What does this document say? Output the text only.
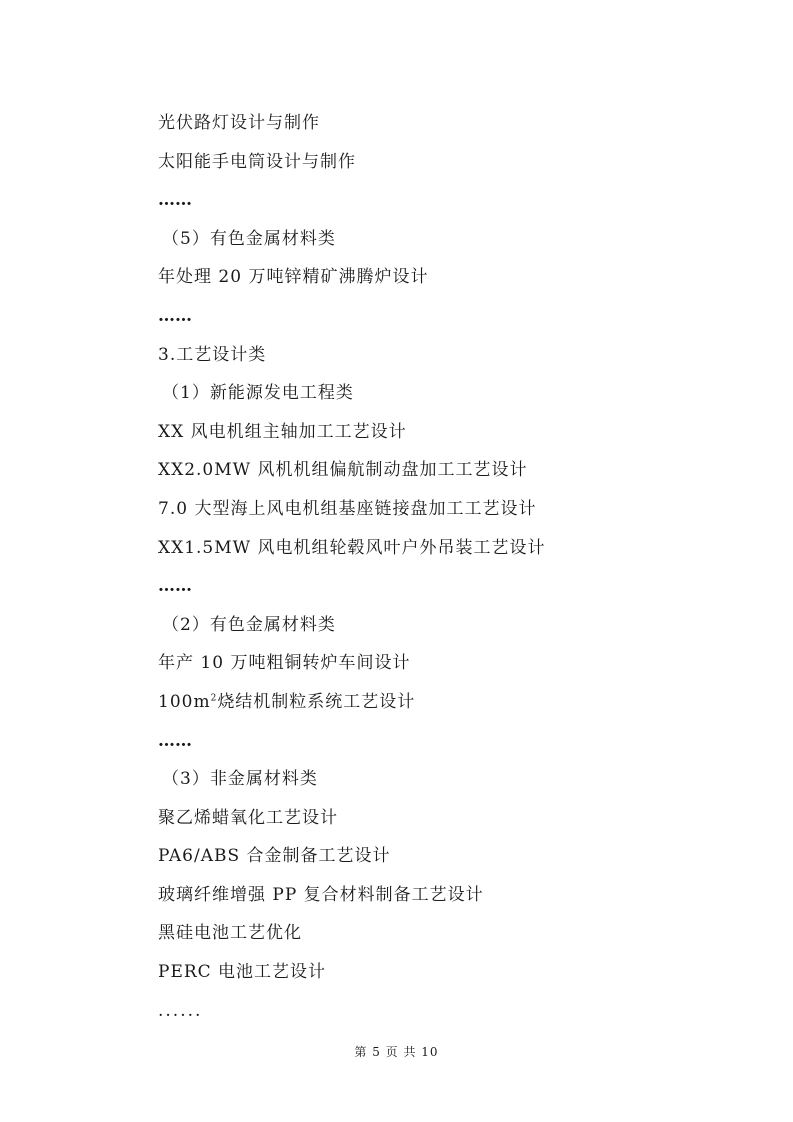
光伏路灯设计与制作
太阳能手电筒设计与制作
……
（5）有色金属材料类
年处理 20 万吨锌精矿沸腾炉设计
……
3.工艺设计类
（1）新能源发电工程类
XX 风电机组主轴加工工艺设计
XX2.0MW 风机机组偏航制动盘加工工艺设计
7.0 大型海上风电机组基座链接盘加工工艺设计
XX1.5MW 风电机组轮毂风叶户外吊装工艺设计
……
（2）有色金属材料类
年产 10 万吨粗铜转炉车间设计
$100m^2$烧结机制粒系统工艺设计
……
（3）非金属材料类
聚乙烯蜡氧化工艺设计
PA6/ABS 合金制备工艺设计
玻璃纤维增强 PP 复合材料制备工艺设计
黑硅电池工艺优化
PERC 电池工艺设计
......
第 5 页 共 10
